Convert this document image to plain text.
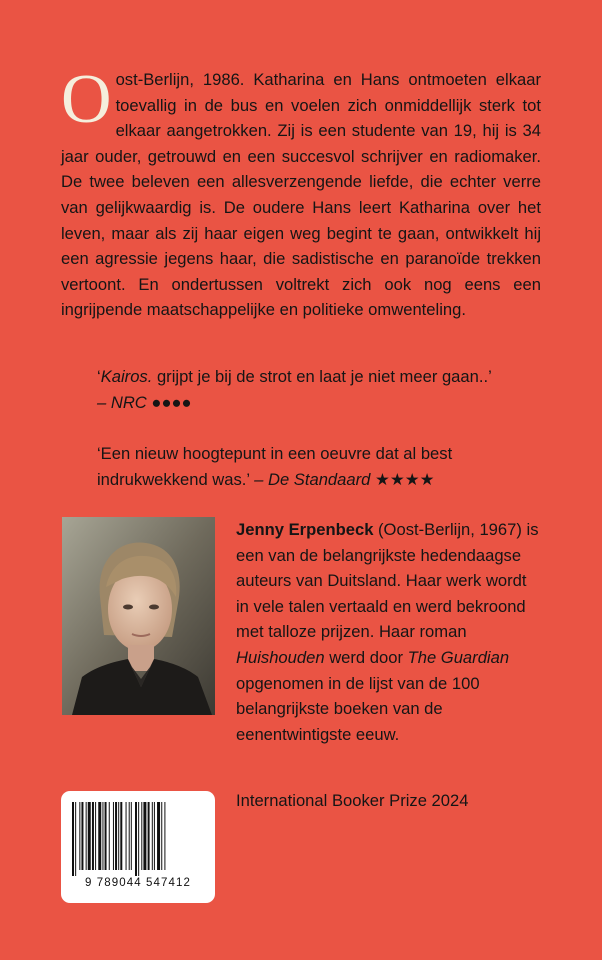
Oost-Berlijn, 1986. Katharina en Hans ontmoeten elkaar toevallig in de bus en voelen zich onmiddellijk sterk tot elkaar aangetrokken. Zij is een studente van 19, hij is 34 jaar ouder, getrouwd en een succesvol schrijver en radiomaker. De twee beleven een allesverzengende liefde, die echter verre van gelijkwaardig is. De oudere Hans leert Katharina over het leven, maar als zij haar eigen weg begint te gaan, ontwikkelt hij een agressie jegens haar, die sadistische en paranoïde trekken vertoont. En ondertussen voltrekt zich ook nog eens een ingrijpende maatschappelijke en politieke omwenteling.

‘Kairos. grijpt je bij de strot en laat je niet meer gaan..’
– NRC ●●●●

‘Een nieuw hoogtepunt in een oeuvre dat al best indrukwekkend was.’ – De Standaard ★★★★

Jenny Erpenbeck (Oost-Berlijn, 1967) is een van de belangrijkste hedendaagse auteurs van Duitsland. Haar werk wordt in vele talen vertaald en werd bekroond met talloze prijzen. Haar roman Huishouden werd door The Guardian opgenomen in de lijst van de 100 belangrijkste boeken van de eenentwintigste eeuw.

International Booker Prize 2024

9 789044 547412
